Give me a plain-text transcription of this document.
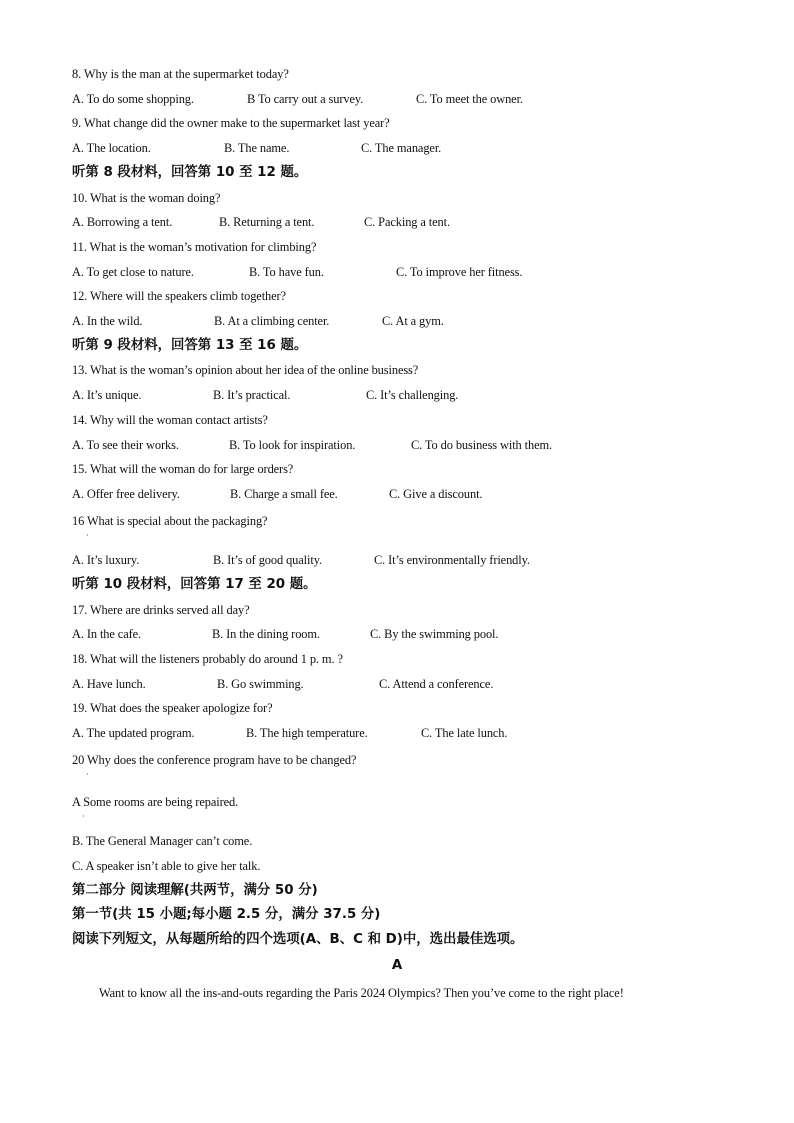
8. Why is the man at the supermarket today?
A. To do some shopping.	B To carry out a survey.	C. To meet the owner.
9. What change did the owner make to the supermarket last year?
A. The location.	B. The name.	C. The manager.
听第 8 段材料，回答第 10 至 12 题。
10. What is the woman doing?
A. Borrowing a tent.	B. Returning a tent.	C. Packing a tent.
11. What is the woman’s motivation for climbing?
A. To get close to nature.	B. To have fun.	C. To improve her fitness.
12. Where will the speakers climb together?
A. In the wild.	B. At a climbing center.	C. At a gym.
听第 9 段材料，回答第 13 至 16 题。
13. What is the woman’s opinion about her idea of the online business?
A. It’s unique.	B. It’s practical.	C. It’s challenging.
14. Why will the woman contact artists?
A. To see their works.	B. To look for inspiration.	C. To do business with them.
15. What will the woman do for large orders?
A. Offer free delivery.	B. Charge a small fee.	C. Give a discount.
16 What is special about the packaging?
·
A. It’s luxury.	B. It’s of good quality.	C. It’s environmentally friendly.
听第 10 段材料，回答第 17 至 20 题。
17. Where are drinks served all day?
A. In the cafe.	B. In the dining room.	C. By the swimming pool.
18. What will the listeners probably do around 1 p. m. ?
A. Have lunch.	B. Go swimming.	C. Attend a conference.
19. What does the speaker apologize for?
A. The updated program.	B. The high temperature.	C. The late lunch.
20 Why does the conference program have to be changed?
·
A Some rooms are being repaired.
·
B. The General Manager can’t come.
C. A speaker isn’t able to give her talk.
第二部分 阅读理解(共两节，满分 50 分)
第一节(共 15 小题;每小题 2.5 分，满分 37.5 分)
阅读下列短文，从每题所给的四个选项(A、B、C 和 D)中，选出最佳选项。
A
Want to know all the ins-and-outs regarding the Paris 2024 Olympics? Then you’ve come to the right place!
